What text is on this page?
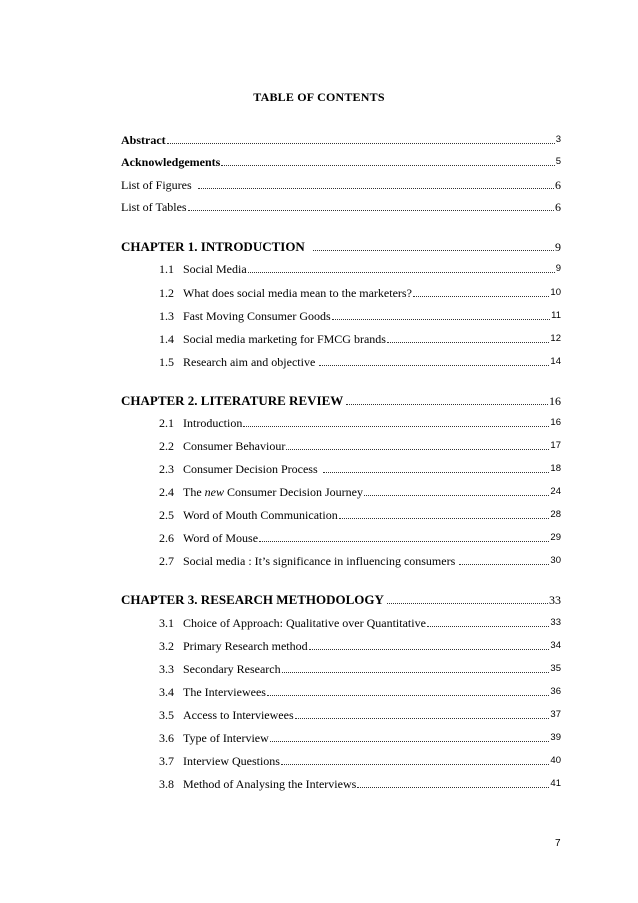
TABLE OF CONTENTS
Abstract	3
Acknowledgements	5
List of Figures	6
List of Tables	6
CHAPTER 1. INTRODUCTION	9
1.1 Social Media	9
1.2 What does social media mean to the marketers?	10
1.3 Fast Moving Consumer Goods	11
1.4 Social media marketing for FMCG brands	12
1.5 Research aim and objective	14
CHAPTER 2. LITERATURE REVIEW	16
2.1 Introduction	16
2.2 Consumer Behaviour	17
2.3 Consumer Decision Process	18
2.4 The new Consumer Decision Journey	24
2.5 Word of Mouth Communication	28
2.6 Word of Mouse	29
2.7 Social media : It’s significance in influencing consumers	30
CHAPTER 3. RESEARCH METHODOLOGY	33
3.1 Choice of Approach: Qualitative over Quantitative	33
3.2 Primary Research method	34
3.3 Secondary Research	35
3.4 The Interviewees	36
3.5 Access to Interviewees	37
3.6 Type of Interview	39
3.7 Interview Questions	40
3.8 Method of Analysing the Interviews	41
7
